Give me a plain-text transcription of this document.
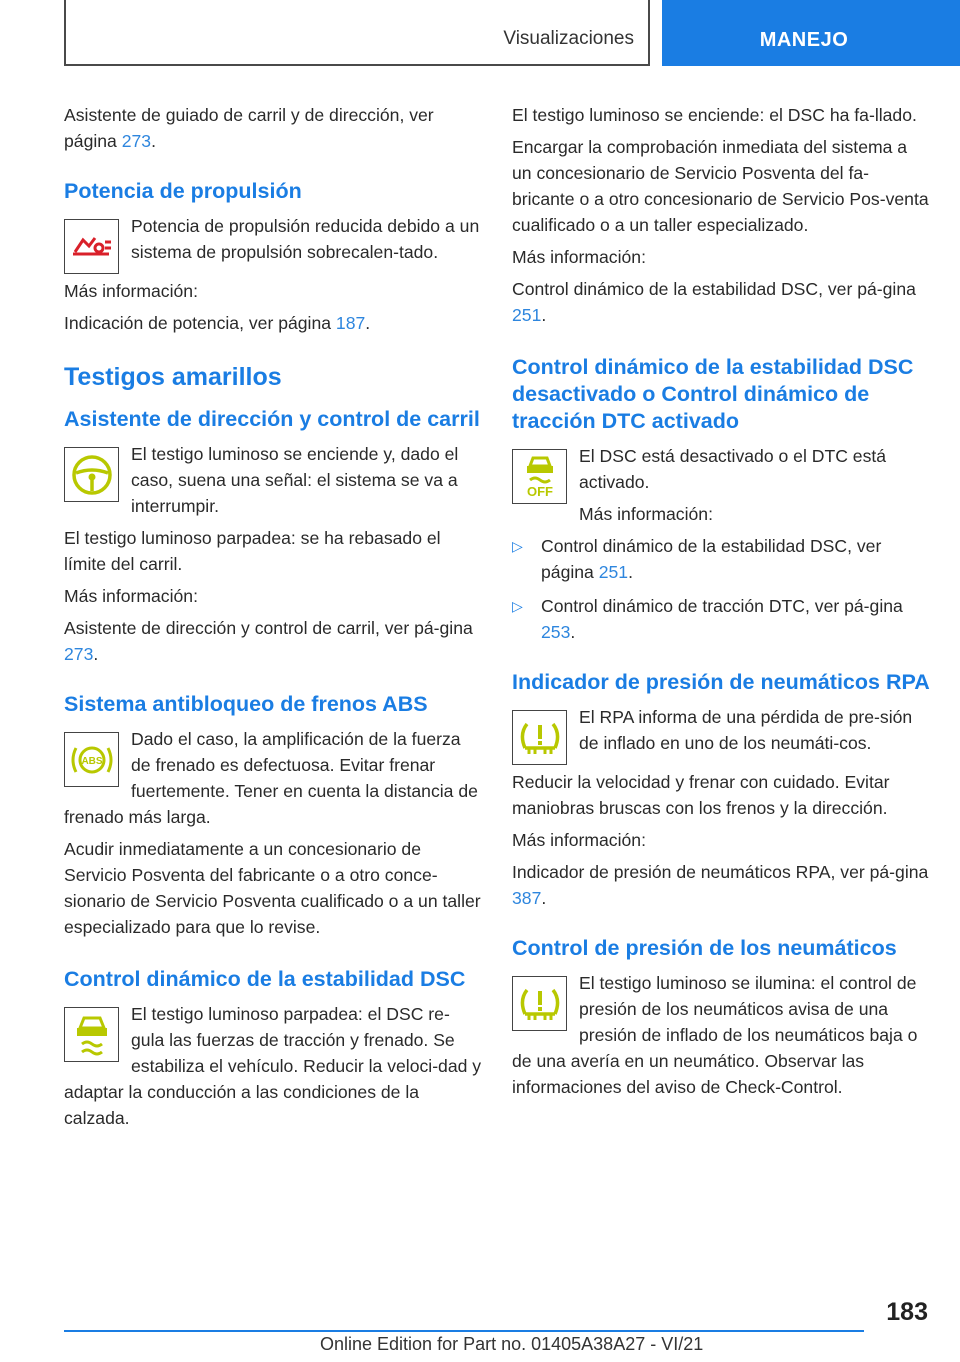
Visualizaciones	MANEJO

Asistente de guiado de carril y de dirección, ver página 273.

Potencia de propulsión

Potencia de propulsión reducida debido a un sistema de propulsión sobrecalen-tado.

Más información:

Indicación de potencia, ver página 187.

Testigos amarillos
Asistente de dirección y control de carril

El testigo luminoso se enciende y, dado el caso, suena una señal: el sistema se va a interrumpir.

El testigo luminoso parpadea: se ha rebasado el límite del carril.

Más información:

Asistente de dirección y control de carril, ver pá-gina 273.

Sistema antibloqueo de frenos ABS
ABS

Dado el caso, la amplificación de la fuerza de frenado es defectuosa. Evitar frenar fuertemente. Tener en cuenta la distancia de frenado más larga.

Acudir inmediatamente a un concesionario de Servicio Posventa del fabricante o a otro conce-sionario de Servicio Posventa cualificado o a un taller especializado para que lo revise.

Control dinámico de la estabilidad DSC

El testigo luminoso parpadea: el DSC re-gula las fuerzas de tracción y frenado. Se estabiliza el vehículo. Reducir la veloci-dad y adaptar la conducción a las condiciones de la calzada.

El testigo luminoso se enciende: el DSC ha fa-llado.

Encargar la comprobación inmediata del sistema a un concesionario de Servicio Posventa del fa-bricante o a otro concesionario de Servicio Pos-venta cualificado o a un taller especializado.

Más información:

Control dinámico de la estabilidad DSC, ver pá-gina 251.

Control dinámico de la estabilidad DSC desactivado o Control dinámico de tracción DTC activado
OFF

El DSC está desactivado o el DTC está activado.

Más información:

▷ Control dinámico de la estabilidad DSC, ver página 251.
▷ Control dinámico de tracción DTC, ver pá-gina 253.
Indicador de presión de neumáticos RPA

El RPA informa de una pérdida de pre-sión de inflado en uno de los neumáti-cos.

Reducir la velocidad y frenar con cuidado. Evitar maniobras bruscas con los frenos y la dirección.

Más información:

Indicador de presión de neumáticos RPA, ver pá-gina 387.

Control de presión de los neumáticos

El testigo luminoso se ilumina: el control de presión de los neumáticos avisa de una presión de inflado de los neumáticos baja o de una avería en un neumático. Observar las informaciones del aviso de Check-Control.

183
Online Edition for Part no. 01405A38A27 - VI/21
